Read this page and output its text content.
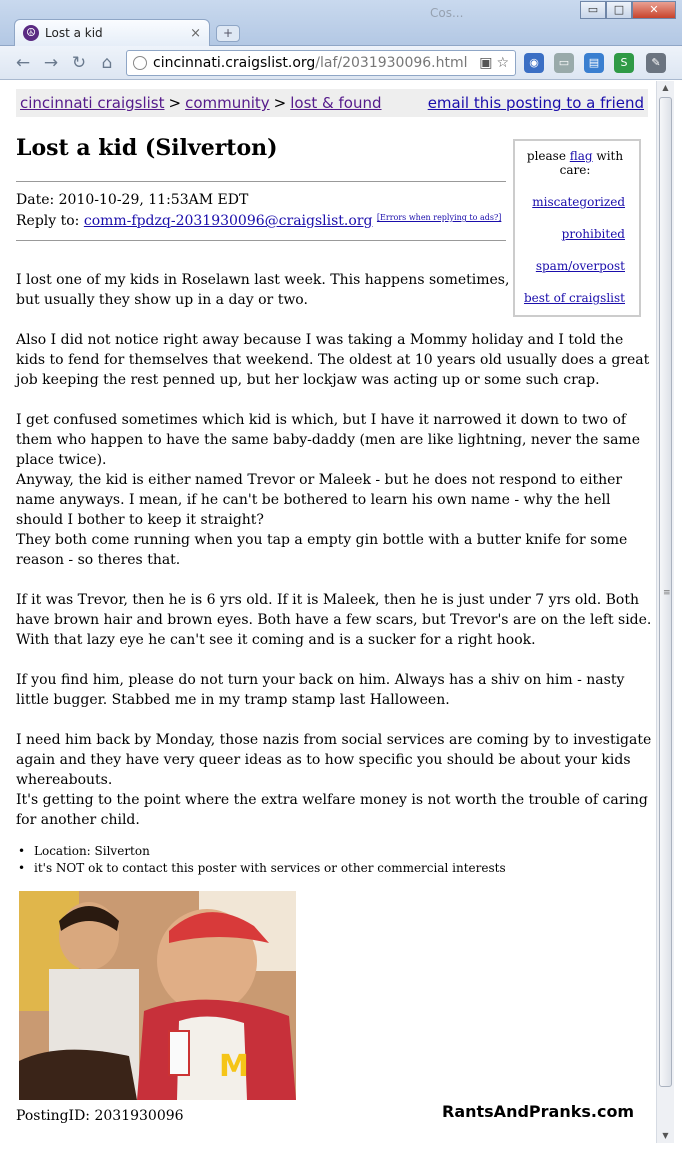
Cos...
☮ Lost a kid	×	+
▭	□	✕
← → ↻ ⌂	cincinnati.craigslist.org /laf/2031930096.html ▣ ☆	◉	▭	▤	S	✎
▲
≡
▼
cincinnati craigslist > community > lost & found	email this posting to a friend
Lost a kid (Silverton)
Date: 2010-10-29, 11:53AM EDT
Reply to: comm-fpdzq-2031930096@craigslist.org [Errors when replying to ads?]
please flag with care:
miscategorized
prohibited
spam/overpost
best of craigslist

I lost one of my kids in Roselawn last week. This happens sometimes, but usually they show up in a day or two.

Also I did not notice right away because I was taking a Mommy holiday and I told the kids to fend for themselves that weekend. The oldest at 10 years old usually does a great job keeping the rest penned up, but her lockjaw was acting up or some such crap.

I get confused sometimes which kid is which, but I have it narrowed it down to two of them who happen to have the same baby-daddy (men are like lightning, never the same place twice).

Anyway, the kid is either named Trevor or Maleek - but he does not respond to either name anyways. I mean, if he can't be bothered to learn his own name - why the hell should I bother to keep it straight?

They both come running when you tap a empty gin bottle with a butter knife for some reason - so theres that.

If it was Trevor, then he is 6 yrs old. If it is Maleek, then he is just under 7 yrs old. Both have brown hair and brown eyes. Both have a few scars, but Trevor's are on the left side. With that lazy eye he can't see it coming and is a sucker for a right hook.

If you find him, please do not turn your back on him. Always has a shiv on him - nasty little bugger. Stabbed me in my tramp stamp last Halloween.

I need him back by Monday, those nazis from social services are coming by to investigate again and they have very queer ideas as to how specific you should be about your kids whereabouts.

It's getting to the point where the extra welfare money is not worth the trouble of caring for another child.

• Location: Silverton
• it's NOT ok to contact this poster with services or other commercial interests
M
PostingID: 2031930096	RantsAndPranks.com
